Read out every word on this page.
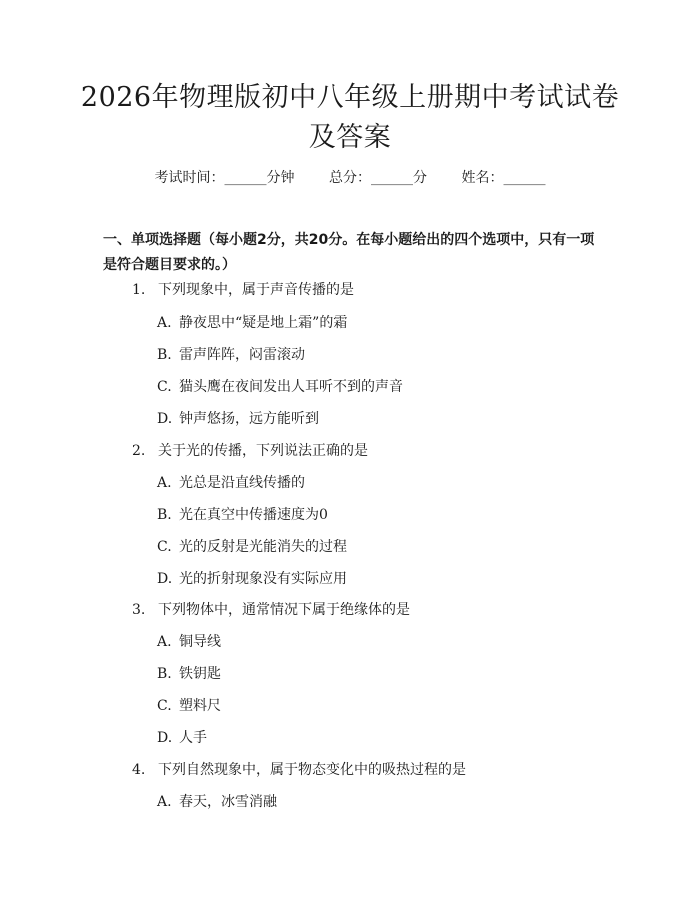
2026年物理版初中八年级上册期中考试试卷
及答案
考试时间：______分钟 总分：______分 姓名：______
一、单项选择题（每小题2分，共20分。在每小题给出的四个选项中，只有一项是符合题目要求的。）
1. 下列现象中，属于声音传播的是
A. 静夜思中“疑是地上霜”的霜
B. 雷声阵阵，闷雷滚动
C. 猫头鹰在夜间发出人耳听不到的声音
D. 钟声悠扬，远方能听到
2. 关于光的传播，下列说法正确的是
A. 光总是沿直线传播的
B. 光在真空中传播速度为0
C. 光的反射是光能消失的过程
D. 光的折射现象没有实际应用
3. 下列物体中，通常情况下属于绝缘体的是
A. 铜导线
B. 铁钥匙
C. 塑料尺
D. 人手
4. 下列自然现象中，属于物态变化中的吸热过程的是
A. 春天，冰雪消融
